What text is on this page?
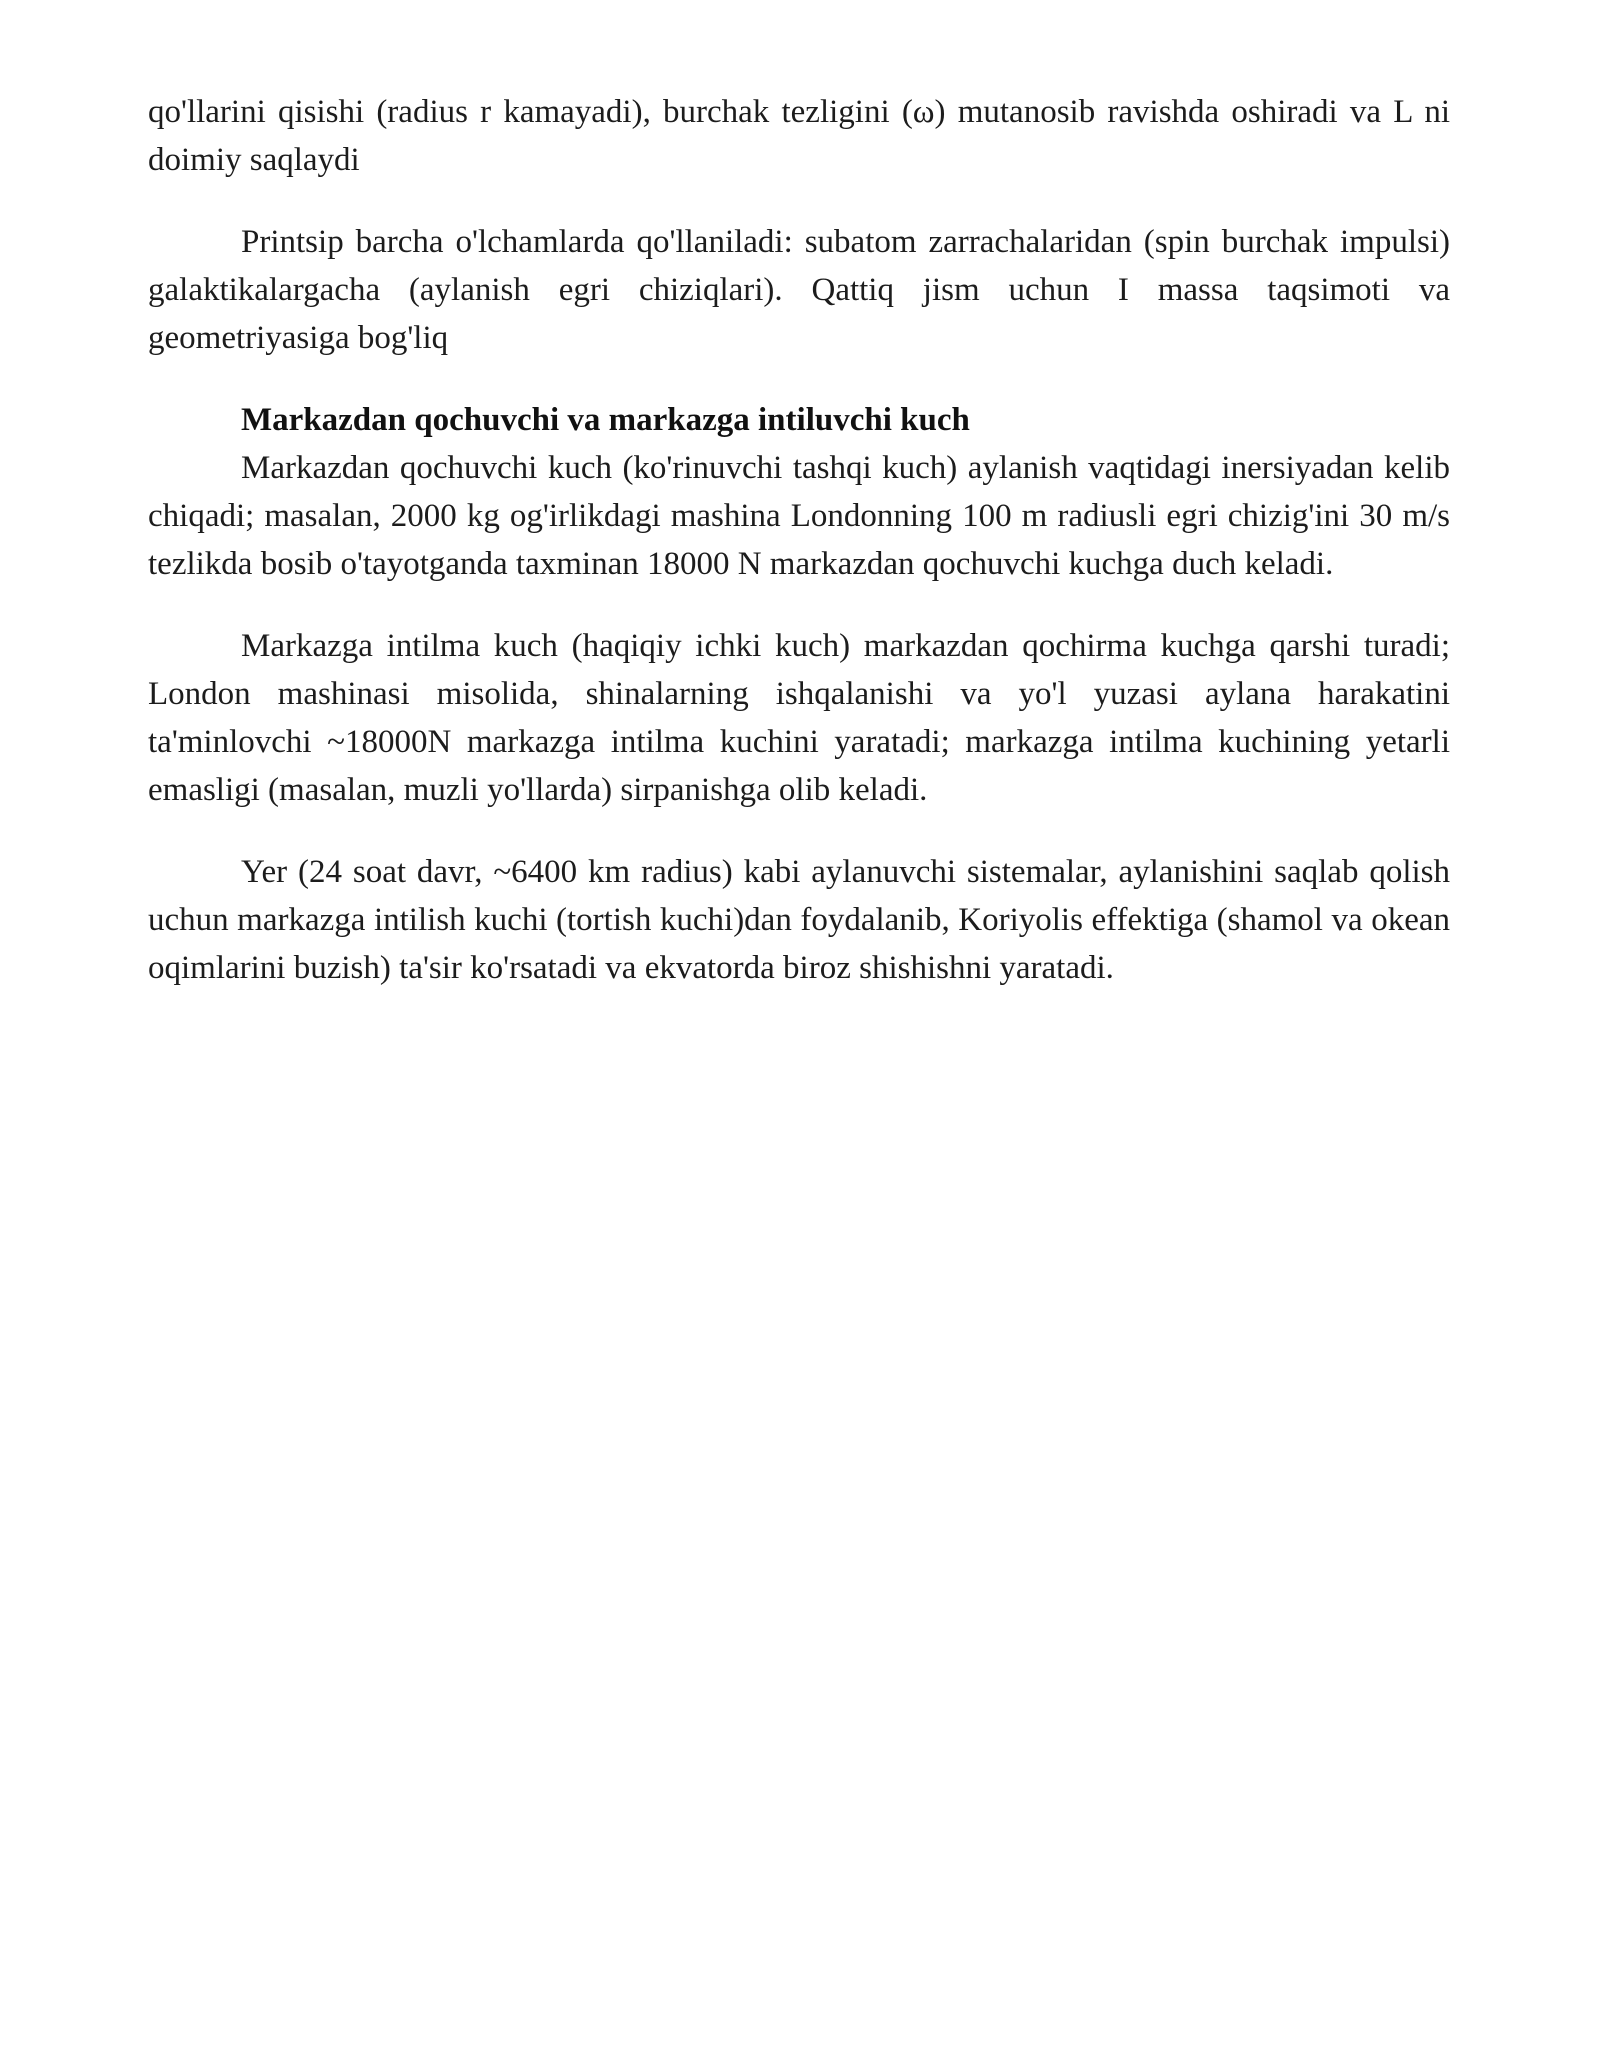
qo'llarini qisishi (radius r kamayadi), burchak tezligini (ω) mutanosib ravishda oshiradi va L ni doimiy saqlaydi

Printsip barcha o'lchamlarda qo'llaniladi: subatom zarrachalaridan (spin burchak impulsi) galaktikalargacha (aylanish egri chiziqlari). Qattiq jism uchun I massa taqsimoti va geometriyasiga bog'liq

Markazdan qochuvchi va markazga intiluvchi kuch

Markazdan qochuvchi kuch (ko'rinuvchi tashqi kuch) aylanish vaqtidagi inersiyadan kelib chiqadi; masalan, 2000 kg og'irlikdagi mashina Londonning 100 m radiusli egri chizig'ini 30 m/s tezlikda bosib o'tayotganda taxminan 18000 N markazdan qochuvchi kuchga duch keladi.

Markazga intilma kuch (haqiqiy ichki kuch) markazdan qochirma kuchga qarshi turadi; London mashinasi misolida, shinalarning ishqalanishi va yo'l yuzasi aylana harakatini ta'minlovchi ~18000N markazga intilma kuchini yaratadi; markazga intilma kuchining yetarli emasligi (masalan, muzli yo'llarda) sirpanishga olib keladi.

Yer (24 soat davr, ~6400 km radius) kabi aylanuvchi sistemalar, aylanishini saqlab qolish uchun markazga intilish kuchi (tortish kuchi)dan foydalanib, Koriyolis effektiga (shamol va okean oqimlarini buzish) ta'sir ko'rsatadi va ekvatorda biroz shishishni yaratadi.
